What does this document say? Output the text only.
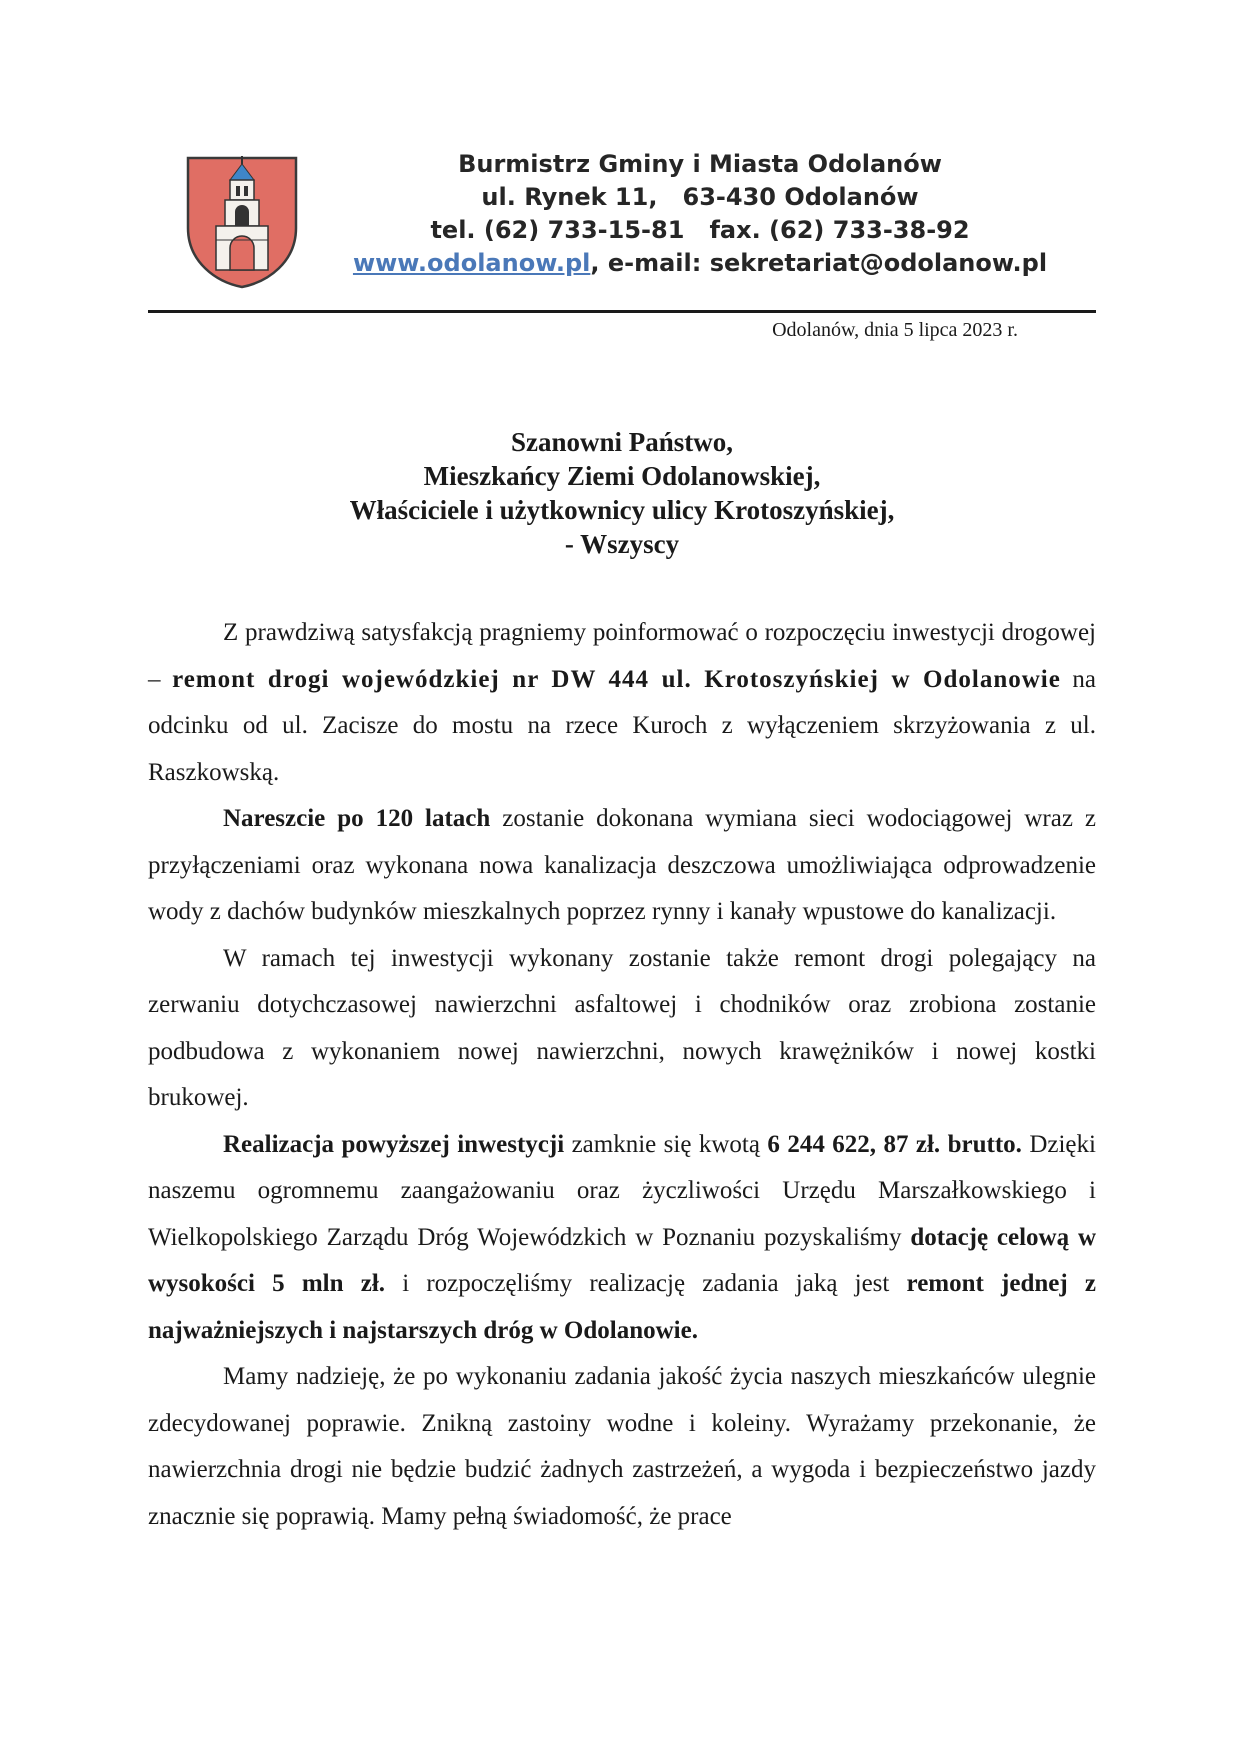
Burmistrz Gminy i Miasta Odolanów
ul. Rynek 11,   63-430 Odolanów
tel. (62) 733-15-81   fax. (62) 733-38-92
www.odolanow.pl, e-mail: sekretariat@odolanow.pl
Odolanów, dnia 5 lipca 2023 r.
Szanowni Państwo,
Mieszkańcy Ziemi Odolanowskiej,
Właściciele i użytkownicy ulicy Krotoszyńskiej,
- Wszyscy

Z prawdziwą satysfakcją pragniemy poinformować o rozpoczęciu inwestycji drogowej – remont drogi wojewódzkiej nr DW 444 ul. Krotoszyńskiej w Odolanowie na odcinku od ul. Zacisze do mostu na rzece Kuroch z wyłączeniem skrzyżowania z ul. Raszkowską.

Nareszcie po 120 latach zostanie dokonana wymiana sieci wodociągowej wraz z przyłączeniami oraz wykonana nowa kanalizacja deszczowa umożliwiająca odprowadzenie wody z dachów budynków mieszkalnych poprzez rynny i kanały wpustowe do kanalizacji.

W ramach tej inwestycji wykonany zostanie także remont drogi polegający na zerwaniu dotychczasowej nawierzchni asfaltowej i chodników oraz zrobiona zostanie podbudowa z wykonaniem nowej nawierzchni, nowych krawężników i nowej kostki brukowej.

Realizacja powyższej inwestycji zamknie się kwotą 6 244 622, 87 zł. brutto. Dzięki naszemu ogromnemu zaangażowaniu oraz życzliwości Urzędu Marszałkowskiego i Wielkopolskiego Zarządu Dróg Wojewódzkich w Poznaniu pozyskaliśmy dotację celową w wysokości 5 mln zł. i rozpoczęliśmy realizację zadania jaką jest remont jednej z najważniejszych i najstarszych dróg w Odolanowie.

Mamy nadzieję, że po wykonaniu zadania jakość życia naszych mieszkańców ulegnie zdecydowanej poprawie. Znikną zastoiny wodne i koleiny. Wyrażamy przekonanie, że nawierzchnia drogi nie będzie budzić żadnych zastrzeżeń, a wygoda i bezpieczeństwo jazdy znacznie się poprawią. Mamy pełną świadomość, że prace
